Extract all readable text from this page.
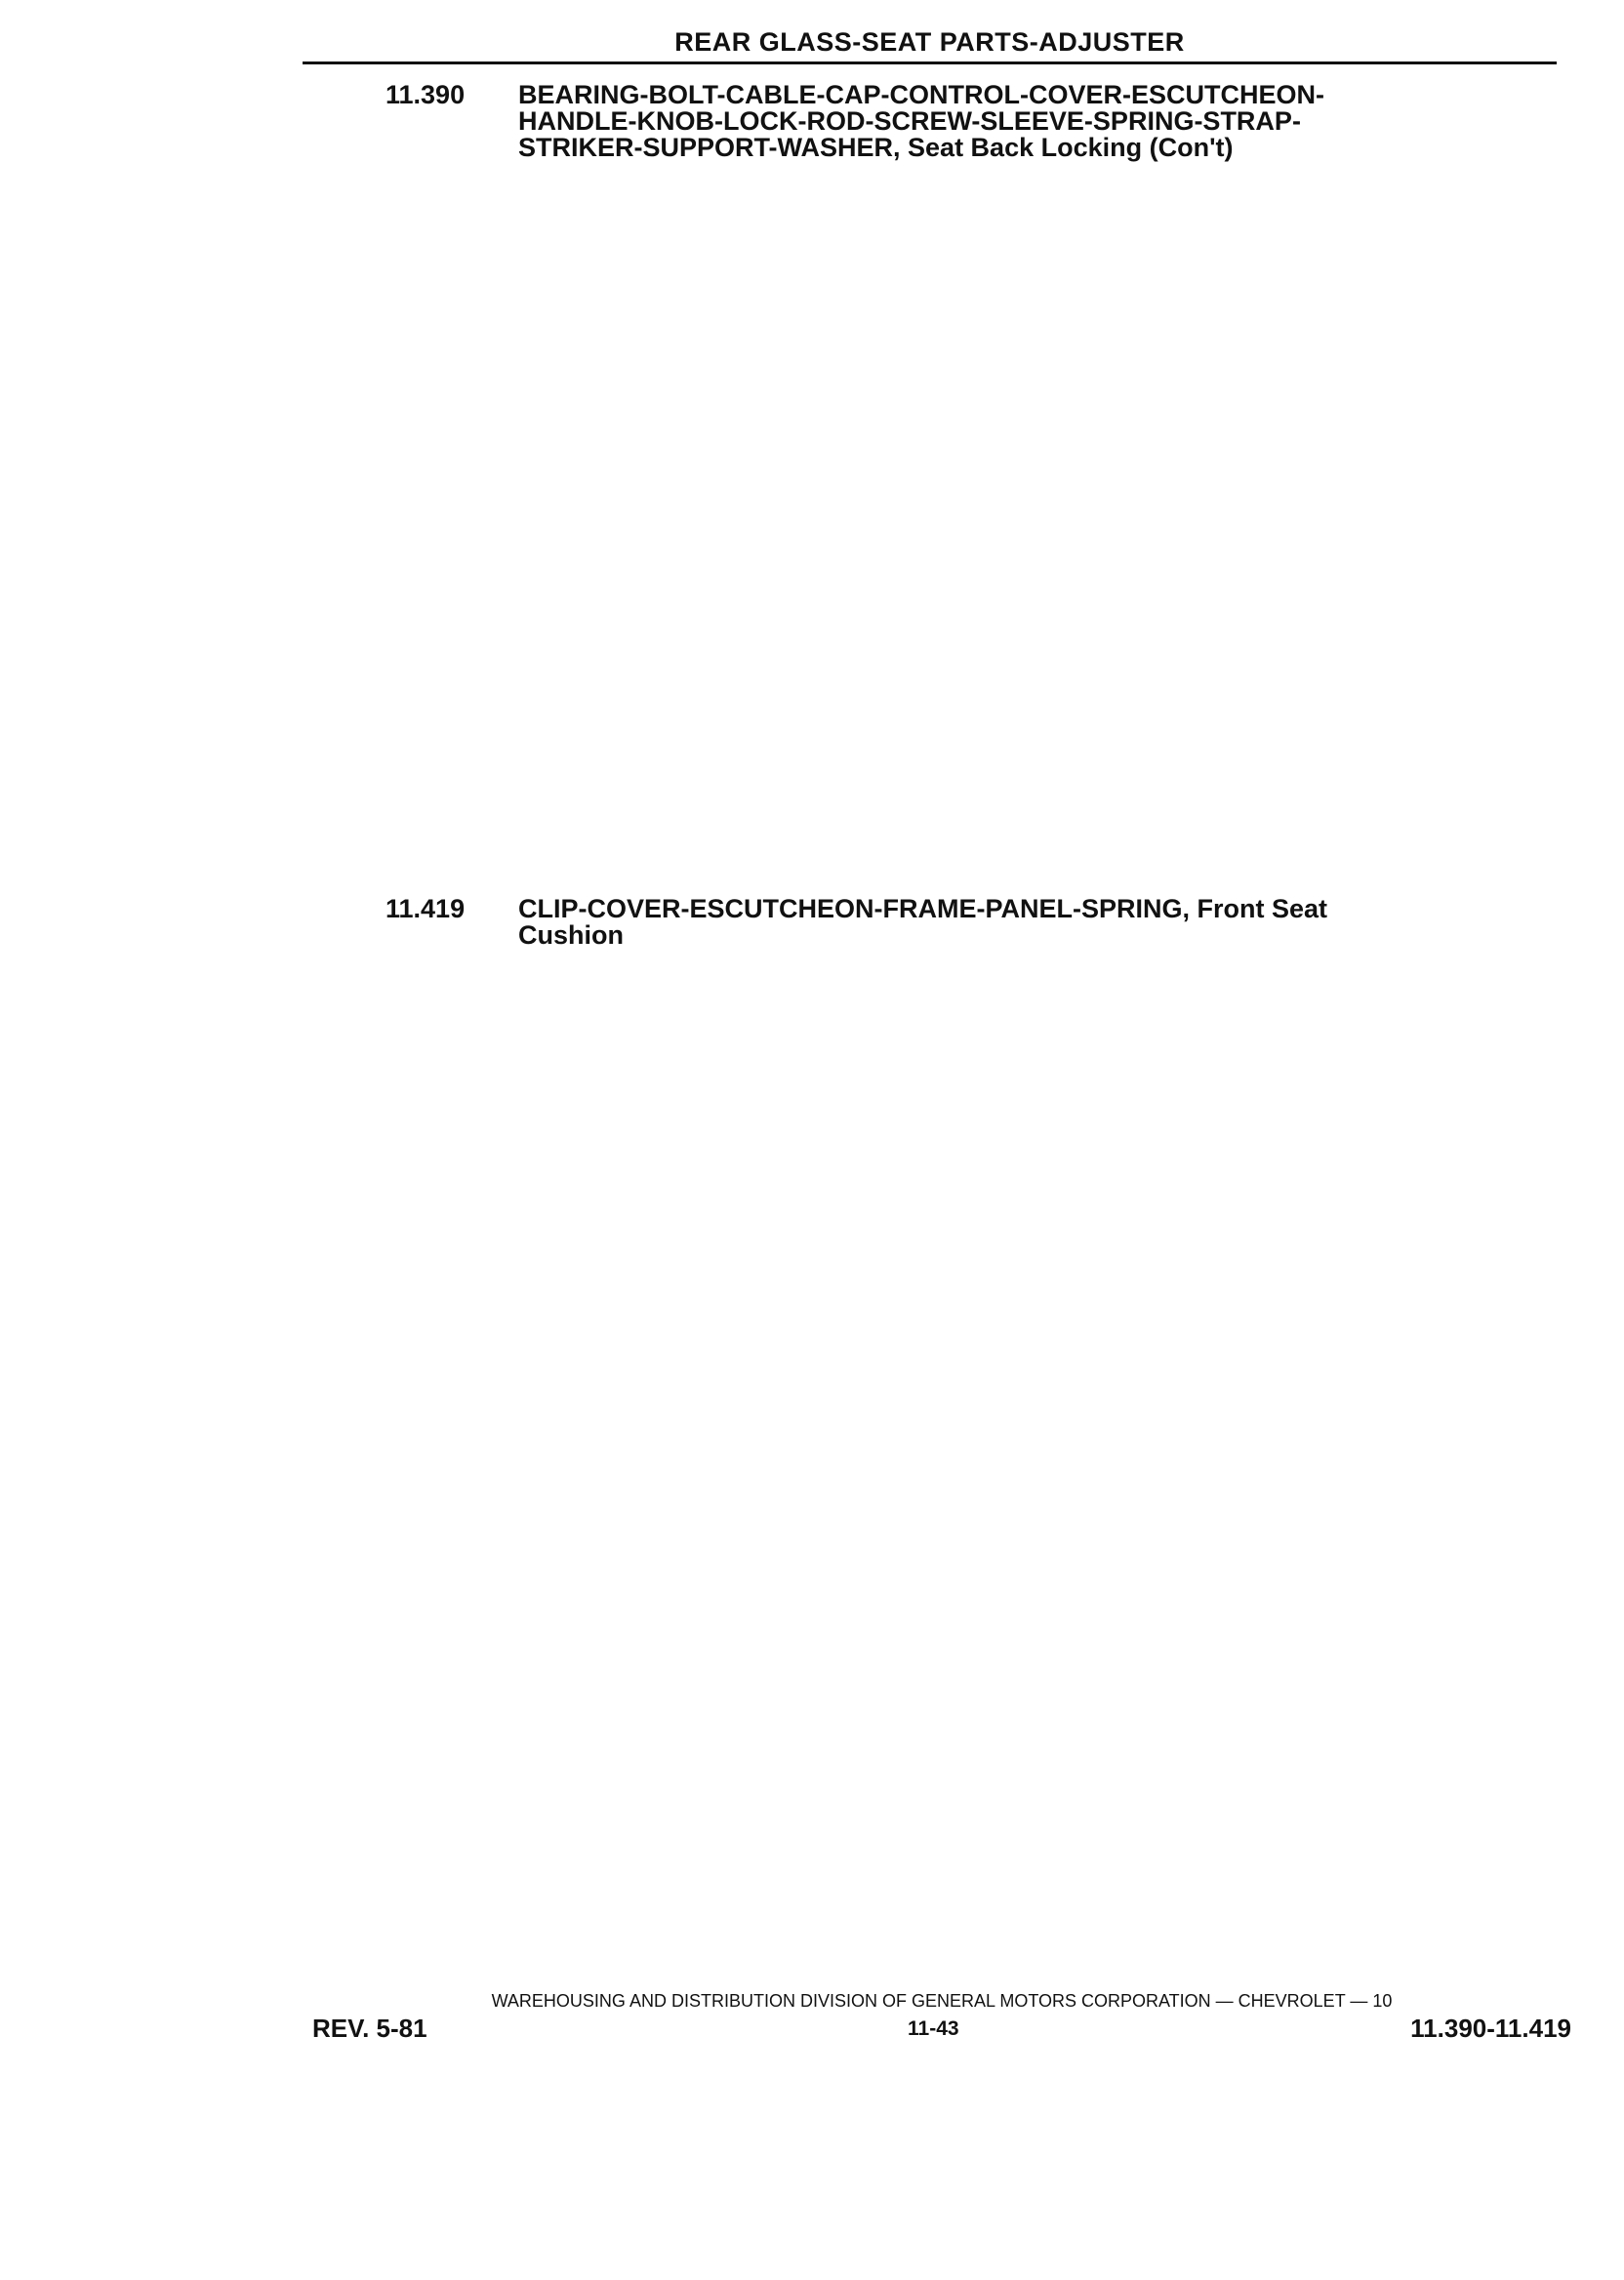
REAR GLASS-SEAT PARTS-ADJUSTER
11.390 BEARING-BOLT-CABLE-CAP-CONTROL-COVER-ESCUTCHEON-
HANDLE-KNOB-LOCK-ROD-SCREW-SLEEVE-SPRING-STRAP-
STRIKER-SUPPORT-WASHER, Seat Back Locking (Con't)
11.419 CLIP-COVER-ESCUTCHEON-FRAME-PANEL-SPRING, Front Seat
Cushion
WAREHOUSING AND DISTRIBUTION DIVISION OF GENERAL MOTORS CORPORATION — CHEVROLET — 10
REV. 5-81	11-43	11.390-11.419
